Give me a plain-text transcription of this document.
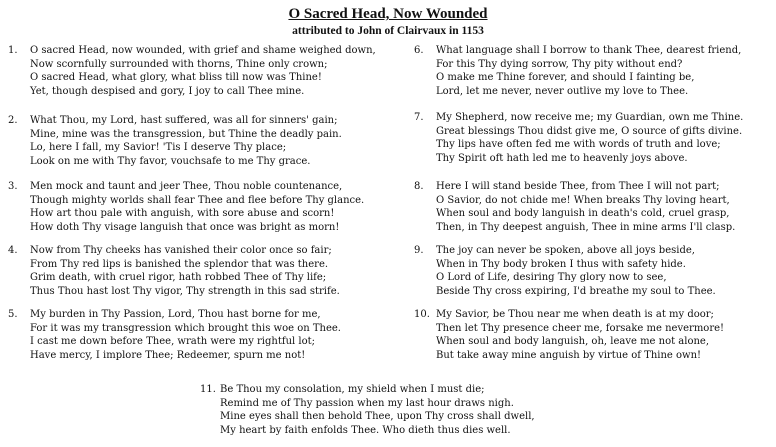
O Sacred Head, Now Wounded
attributed to John of Clairvaux in 1153
1. O sacred Head, now wounded, with grief and shame weighed down,
Now scornfully surrounded with thorns, Thine only crown;
O sacred Head, what glory, what bliss till now was Thine!
Yet, though despised and gory, I joy to call Thee mine.
2. What Thou, my Lord, hast suffered, was all for sinners' gain;
Mine, mine was the transgression, but Thine the deadly pain.
Lo, here I fall, my Savior! 'Tis I deserve Thy place;
Look on me with Thy favor, vouchsafe to me Thy grace.
3. Men mock and taunt and jeer Thee, Thou noble countenance,
Though mighty worlds shall fear Thee and flee before Thy glance.
How art thou pale with anguish, with sore abuse and scorn!
How doth Thy visage languish that once was bright as morn!
4. Now from Thy cheeks has vanished their color once so fair;
From Thy red lips is banished the splendor that was there.
Grim death, with cruel rigor, hath robbed Thee of Thy life;
Thus Thou hast lost Thy vigor, Thy strength in this sad strife.
5. My burden in Thy Passion, Lord, Thou hast borne for me,
For it was my transgression which brought this woe on Thee.
I cast me down before Thee, wrath were my rightful lot;
Have mercy, I implore Thee; Redeemer, spurn me not!
6. What language shall I borrow to thank Thee, dearest friend,
For this Thy dying sorrow, Thy pity without end?
O make me Thine forever, and should I fainting be,
Lord, let me never, never outlive my love to Thee.
7. My Shepherd, now receive me; my Guardian, own me Thine.
Great blessings Thou didst give me, O source of gifts divine.
Thy lips have often fed me with words of truth and love;
Thy Spirit oft hath led me to heavenly joys above.
8. Here I will stand beside Thee, from Thee I will not part;
O Savior, do not chide me! When breaks Thy loving heart,
When soul and body languish in death's cold, cruel grasp,
Then, in Thy deepest anguish, Thee in mine arms I'll clasp.
9. The joy can never be spoken, above all joys beside,
When in Thy body broken I thus with safety hide.
O Lord of Life, desiring Thy glory now to see,
Beside Thy cross expiring, I'd breathe my soul to Thee.
10. My Savior, be Thou near me when death is at my door;
Then let Thy presence cheer me, forsake me nevermore!
When soul and body languish, oh, leave me not alone,
But take away mine anguish by virtue of Thine own!
11. Be Thou my consolation, my shield when I must die;
Remind me of Thy passion when my last hour draws nigh.
Mine eyes shall then behold Thee, upon Thy cross shall dwell,
My heart by faith enfolds Thee. Who dieth thus dies well.
